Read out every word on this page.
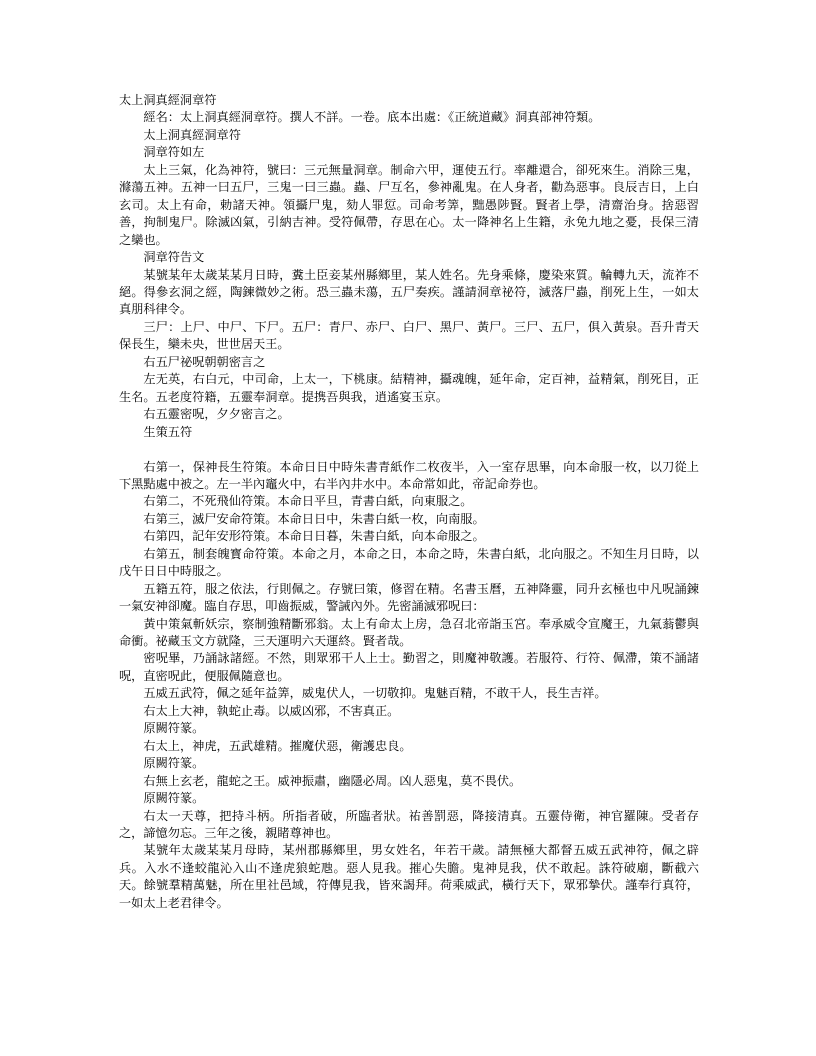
太上洞真經洞章符

經名：太上洞真經洞章符。撰人不詳。一卷。底本出處：《正統道藏》洞真部神符類。

太上洞真經洞章符

洞章符如左

太上三氣，化為神符，號曰：三元無量洞章。制命六甲，運使五行。率離還合，卻死來生。消除三鬼，滌蕩五神。五神一曰五尸，三鬼一曰三蟲。蟲、尸互名，參神亂鬼。在人身者，勸為惡事。良辰吉日，上白玄司。太上有命，勅諸天神。領攝尸鬼，劾人罪愆。司命考筭，黜愚陟賢。賢者上學，清齋治身。捨惡習善，拘制鬼尸。除滅凶氣，引納吉神。受符佩帶，存思在心。太一降神名上生籍，永免九地之憂，長保三清之欒也。

洞章符告文

某號某年太歲某某月日時，糞土臣妾某州縣鄉里，某人姓名。先身乘條，慶染來質。輪轉九天，流祚不絕。得參玄洞之經，陶鍊微妙之術。恐三蟲未蕩，五尸奏疾。謹請洞章祕符，滅落尸蟲，削死上生，一如太真朋科律令。

三尸：上尸、中尸、下尸。五尸：青尸、赤尸、白尸、黑尸、黃尸。三尸、五尸，俱入黃泉。吾升青天保長生，欒未央，世世居天王。

右五尸祕呪朝朝密言之

左无英，右白元，中司命，上太一，下桃康。結精神，攝魂魄，延年命，定百神，益精氣，削死目，正生名。五老度符籍，五靈奉洞章。提携吾與我，逍遙宴玉京。

右五靈密呪，夕夕密言之。

生策五符

右第一，保神長生符策。本命日日中時朱書青紙作二枚夜半，入一室存思畢，向本命服一枚，以刀從上下黑點處中被之。左一半內竈火中，右半內井水中。本命常如此，帝記命券也。

右第二，不死飛仙符策。本命日平旦，青書白紙，向東服之。

右第三，滅尸安命符策。本命日日中，朱書白紙一枚，向南服。

右第四，記年安形符策。本命日日暮，朱書白紙，向本命服之。

右第五，制套魄寳命符策。本命之月，本命之日，本命之時，朱書白紙，北向服之。不知生月日時，以戊午日日中時服之。

五籍五符，服之依法，行則佩之。存號曰策，修習在精。名書玉曆，五神降靈，同升玄極也中凡呪誦鍊一氣安神卻魔。臨自存思，叩齒振威，警誡內外。先密誦滅邪呪曰：

黃中策氣斬妖宗，察制強精斷邪翁。太上有命太上房，急召北帝詣玉宮。奉承威令宣魔王，九氣蓊鬱與命衝。祕藏玉文方就隆，三天運明六天運終。賢者哉。

密呪畢，乃誦詠諸經。不然，則眾邪干人上士。勤習之，則魔神敬護。若服符、行符、佩滯，策不誦諸呪，直密呪此，便服佩隨意也。

五威五武符，佩之延年益筭，威鬼伏人，一切敬抑。鬼魅百精，不敢干人，長生吉祥。

右太上大神，執蛇止毒。以威凶邪，不害真正。

原闕符篆。

右太上，神虎，五武雄精。摧魔伏惡，衛護忠良。

原闕符篆。

右無上玄老，龍蛇之王。威神振肅，幽隱必周。凶人惡鬼，莫不畏伏。

原闕符篆。

右太一天尊，把持斗柄。所指者破，所臨者狀。祐善罰惡，降接清真。五靈侍衛，神官羅陳。受者存之，諦憶勿忘。三年之後，親睹尊神也。

某號年太歲某某月母時，某州郡縣鄉里，男女姓名，年若干歲。請無極大都督五威五武神符，佩之辟兵。入水不逢蛟龍沁入山不逢虎狼蛇虺。惡人見我。摧心失膽。鬼神見我，伏不敢起。誅符破廟，斷截六天。餘號羣精萬魅，所在里社邑域，符傳見我，皆來謁拜。荷乘威武，橫行天下，眾邪摯伏。謹奉行真符，一如太上老君律令。
